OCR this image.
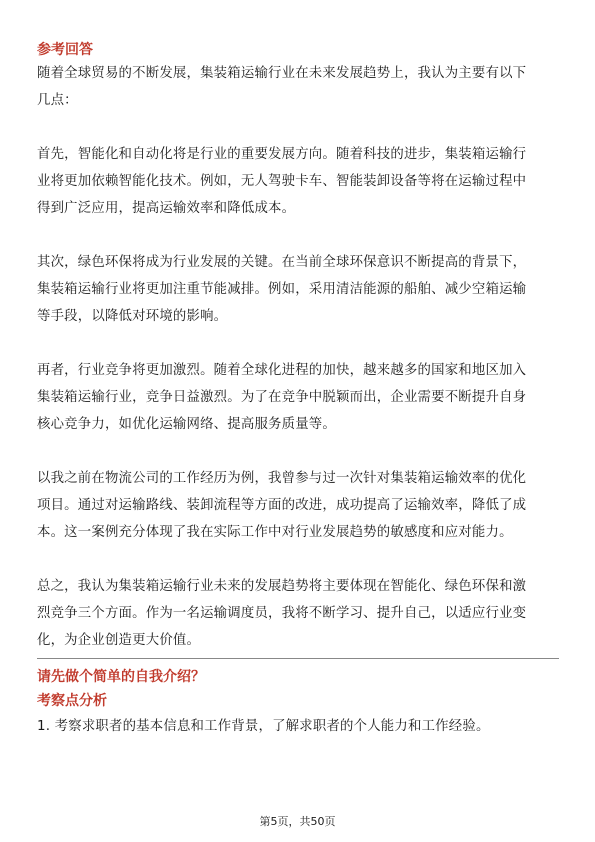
参考回答

随着全球贸易的不断发展，集装箱运输行业在未来发展趋势上，我认为主要有以下

几点：

首先，智能化和自动化将是行业的重要发展方向。随着科技的进步，集装箱运输行

业将更加依赖智能化技术。例如，无人驾驶卡车、智能装卸设备等将在运输过程中

得到广泛应用，提高运输效率和降低成本。

其次，绿色环保将成为行业发展的关键。在当前全球环保意识不断提高的背景下，

集装箱运输行业将更加注重节能减排。例如，采用清洁能源的船舶、减少空箱运输

等手段，以降低对环境的影响。

再者，行业竞争将更加激烈。随着全球化进程的加快，越来越多的国家和地区加入

集装箱运输行业，竞争日益激烈。为了在竞争中脱颖而出，企业需要不断提升自身

核心竞争力，如优化运输网络、提高服务质量等。

以我之前在物流公司的工作经历为例，我曾参与过一次针对集装箱运输效率的优化

项目。通过对运输路线、装卸流程等方面的改进，成功提高了运输效率，降低了成

本。这一案例充分体现了我在实际工作中对行业发展趋势的敏感度和应对能力。

总之，我认为集装箱运输行业未来的发展趋势将主要体现在智能化、绿色环保和激

烈竞争三个方面。作为一名运输调度员，我将不断学习、提升自己，以适应行业变

化，为企业创造更大价值。

请先做个简单的自我介绍？

考察点分析

1. 考察求职者的基本信息和工作背景，了解求职者的个人能力和工作经验。

第5页，共50页
